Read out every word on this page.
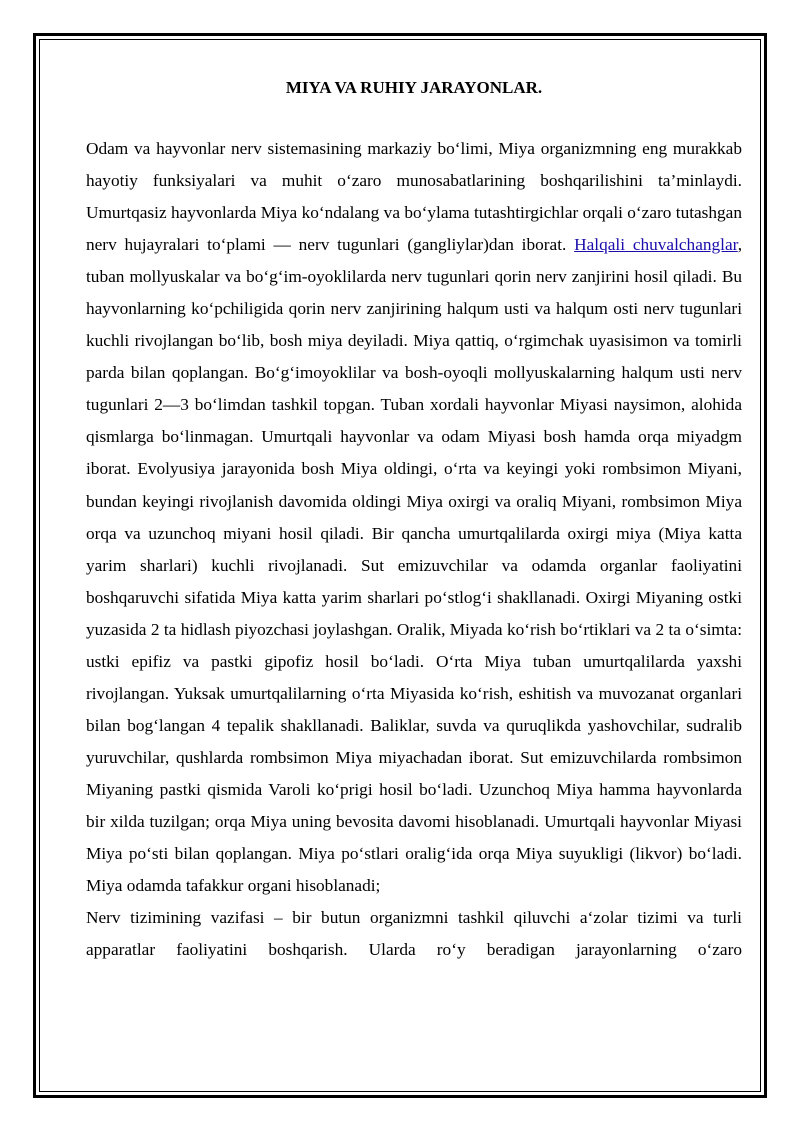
MIYA VA RUHIY JARAYONLAR.

Odam va hayvonlar nerv sistemasining markaziy bo‘limi, Miya organizmning eng murakkab hayotiy funksiyalari va muhit o‘zaro munosabatlarining boshqarilishini ta’minlaydi. Umurtqasiz hayvonlarda Miya ko‘ndalang va bo‘ylama tutashtirgichlar orqali o‘zaro tutashgan nerv hujayralari to‘plami — nerv tugunlari (gangliylar)dan iborat. Halqali chuvalchanglar, tuban mollyuskalar va bo‘g‘im-oyoklilarda nerv tugunlari qorin nerv zanjirini hosil qiladi. Bu hayvonlarning ko‘pchiligida qorin nerv zanjirining halqum usti va halqum osti nerv tugunlari kuchli rivojlangan bo‘lib, bosh miya deyiladi. Miya qattiq, o‘rgimchak uyasisimon va tomirli parda bilan qoplangan. Bo‘g‘imoyoklilar va bosh-oyoqli mollyuskalarning halqum usti nerv tugunlari 2—3 bo‘limdan tashkil topgan. Tuban xordali hayvonlar Miyasi naysimon, alohida qismlarga bo‘linmagan. Umurtqali hayvonlar va odam Miyasi bosh hamda orqa miyadgm iborat. Evolyusiya jarayonida bosh Miya oldingi, o‘rta va keyingi yoki rombsimon Miyani, bundan keyingi rivojlanish davomida oldingi Miya oxirgi va oraliq Miyani, rombsimon Miya orqa va uzunchoq miyani hosil qiladi. Bir qancha umurtqalilarda oxirgi miya (Miya katta yarim sharlari) kuchli rivojlanadi. Sut emizuvchilar va odamda organlar faoliyatini boshqaruvchi sifatida Miya katta yarim sharlari po‘stlog‘i shakllanadi. Oxirgi Miyaning ostki yuzasida 2 ta hidlash piyozchasi joylashgan. Oralik, Miyada ko‘rish bo‘rtiklari va 2 ta o‘simta: ustki epifiz va pastki gipofiz hosil bo‘ladi. O‘rta Miya tuban umurtqalilarda yaxshi rivojlangan. Yuksak umurtqalilarning o‘rta Miyasida ko‘rish, eshitish va muvozanat organlari bilan bog‘langan 4 tepalik shakllanadi. Baliklar, suvda va quruqlikda yashovchilar, sudralib yuruvchilar, qushlarda rombsimon Miya miyachadan iborat. Sut emizuvchilarda rombsimon Miyaning pastki qismida Varoli ko‘prigi hosil bo‘ladi. Uzunchoq Miya hamma hayvonlarda bir xilda tuzilgan; orqa Miya uning bevosita davomi hisoblanadi. Umurtqali hayvonlar Miyasi Miya po‘sti bilan qoplangan. Miya po‘stlari oralig‘ida orqa Miya suyukligi (likvor) bo‘ladi. Miya odamda tafakkur organi hisoblanadi;

Nerv tizimining vazifasi – bir butun organizmni tashkil qiluvchi a‘zolar tizimi va turli apparatlar faoliyatini boshqarish. Ularda ro‘y beradigan jarayonlarning o‘zaro
